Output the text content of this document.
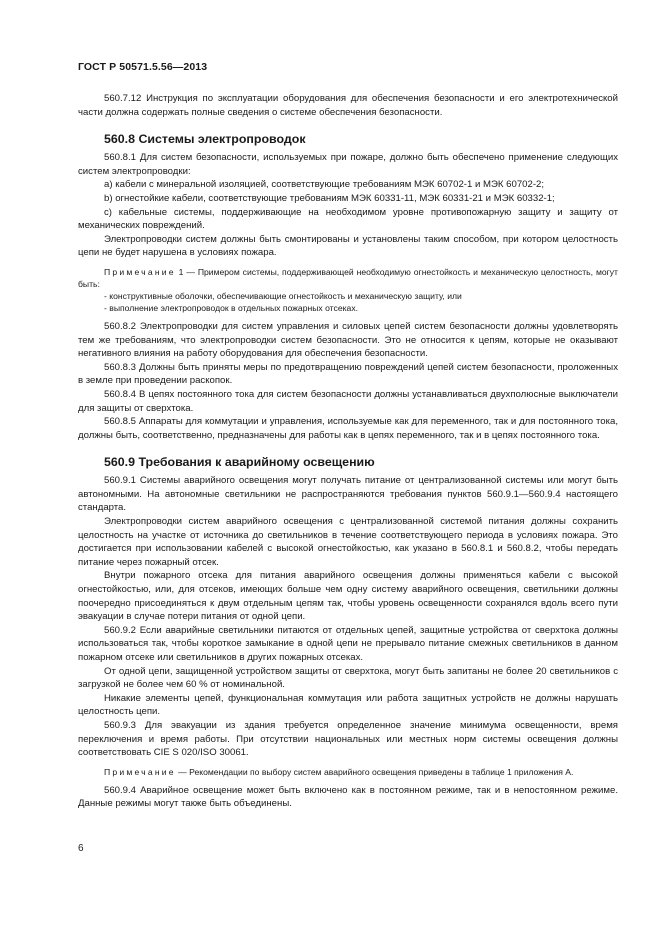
ГОСТ Р 50571.5.56—2013

560.7.12 Инструкция по эксплуатации оборудования для обеспечения безопасности и его электротехнической части должна содержать полные сведения о системе обеспечения безопасности.

560.8 Системы электропроводок

560.8.1 Для систем безопасности, используемых при пожаре, должно быть обеспечено применение следующих систем электропроводки:

a) кабели с минеральной изоляцией, соответствующие требованиям МЭК 60702-1 и МЭК 60702-2;

b) огнестойкие кабели, соответствующие требованиям МЭК 60331-11, МЭК 60331-21 и МЭК 60332-1;

c) кабельные системы, поддерживающие на необходимом уровне противопожарную защиту и защиту от механических повреждений.

Электропроводки систем должны быть смонтированы и установлены таким способом, при котором целостность цепи не будет нарушена в условиях пожара.

Примечание 1 — Примером системы, поддерживающей необходимую огнестойкость и механическую целостность, могут быть:

- конструктивные оболочки, обеспечивающие огнестойкость и механическую защиту, или

- выполнение электропроводок в отдельных пожарных отсеках.

560.8.2 Электропроводки для систем управления и силовых цепей систем безопасности должны удовлетворять тем же требованиям, что электропроводки систем безопасности. Это не относится к цепям, которые не оказывают негативного влияния на работу оборудования для обеспечения безопасности.

560.8.3 Должны быть приняты меры по предотвращению повреждений цепей систем безопасности, проложенных в земле при проведении раскопок.

560.8.4 В цепях постоянного тока для систем безопасности должны устанавливаться двухполюсные выключатели для защиты от сверхтока.

560.8.5 Аппараты для коммутации и управления, используемые как для переменного, так и для постоянного тока, должны быть, соответственно, предназначены для работы как в цепях переменного, так и в цепях постоянного тока.

560.9 Требования к аварийному освещению

560.9.1 Системы аварийного освещения могут получать питание от централизованной системы или могут быть автономными. На автономные светильники не распространяются требования пунктов 560.9.1—560.9.4 настоящего стандарта.

Электропроводки систем аварийного освещения с централизованной системой питания должны сохранить целостность на участке от источника до светильников в течение соответствующего периода в условиях пожара. Это достигается при использовании кабелей с высокой огнестойкостью, как указано в 560.8.1 и 560.8.2, чтобы передать питание через пожарный отсек.

Внутри пожарного отсека для питания аварийного освещения должны применяться кабели с высокой огнестойкостью, или, для отсеков, имеющих больше чем одну систему аварийного освещения, светильники должны поочередно присоединяться к двум отдельным цепям так, чтобы уровень освещенности сохранялся вдоль всего пути эвакуации в случае потери питания от одной цепи.

560.9.2 Если аварийные светильники питаются от отдельных цепей, защитные устройства от сверхтока должны использоваться так, чтобы короткое замыкание в одной цепи не прерывало питание смежных светильников в данном пожарном отсеке или светильников в других пожарных отсеках.

От одной цепи, защищенной устройством защиты от сверхтока, могут быть запитаны не более 20 светильников с загрузкой не более чем 60 % от номинальной.

Никакие элементы цепей, функциональная коммутация или работа защитных устройств не должны нарушать целостность цепи.

560.9.3 Для эвакуации из здания требуется определенное значение минимума освещенности, время переключения и время работы. При отсутствии национальных или местных норм системы освещения должны соответствовать CIE S 020/ISO 30061.

Примечание — Рекомендации по выбору систем аварийного освещения приведены в таблице 1 приложения А.

560.9.4 Аварийное освещение может быть включено как в постоянном режиме, так и в непостоянном режиме. Данные режимы могут также быть объединены.

6
